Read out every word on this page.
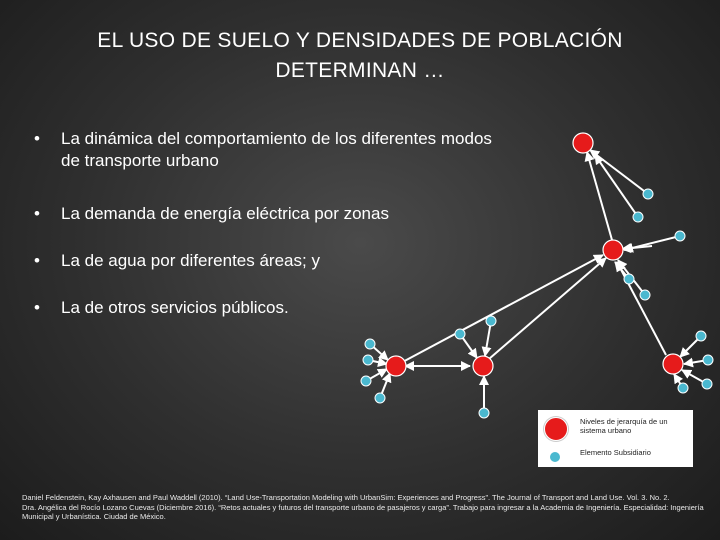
EL USO DE SUELO Y DENSIDADES DE POBLACIÓN
DETERMINAN …
•	La dinámica del comportamiento de los diferentes modos de transporte urbano
•	La demanda de energía eléctrica por zonas
•	La de agua por diferentes áreas; y
•	La de otros servicios públicos.
Niveles de jerarquía de un sistema urbano
Elemento Subsidiario
Daniel Feldenstein, Kay Axhausen and Paul Waddell (2010). “Land Use-Transportation Modeling with UrbanSim: Experiences and Progress”. The Journal of Transport and Land Use. Vol. 3. No. 2.
Dra. Angélica del Rocío Lozano Cuevas (Diciembre 2016). “Retos actuales y futuros del transporte urbano de pasajeros y carga”. Trabajo para ingresar a la Academia de Ingeniería. Especialidad: Ingeniería Municipal y Urbanística. Ciudad de México.
